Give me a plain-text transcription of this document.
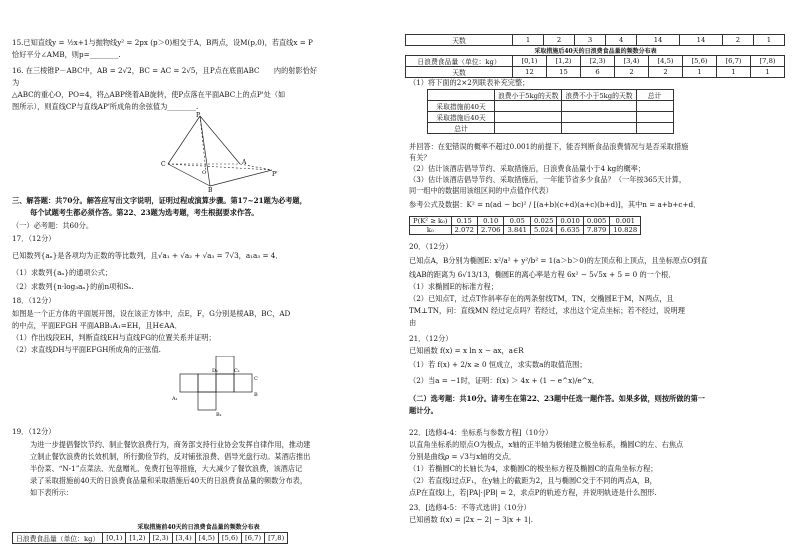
15.已知直线y = ½x+1与抛物线y² = 2px (p＞0)相交于A，B两点，设M(p,0)，若直线x = P
恰好平分∠AMB，则p=________.
16. 在三棱锥P－ABC中，AB = 2√2，BC = AC = 2√5，且P点在底面ABC　　内的射影恰好
为
△ABC的重心O，PO=4，将△ABP绕着AB旋转，使P点落在平面ABC上的点P'处（如
图所示），则直线CP与直线AP'所成角的余弦值为________.
P
C	A
O
B
P'
三、解答题：共70分。解答应写出文字说明，证明过程或演算步骤。第17~21题为必考题，
每个试题考生都必须作答。第22、23题为选考题，考生根据要求作答。
（一）必考题：共60分。
17．（12分）
已知数列{aₙ}是各项均为正数的等比数列，且√a₁ + √a₂ + √a₃ = 7√3，a₁a₃ = 4．
（1）求数列{aₙ}的通项公式；
（2）求数列{n·log₃aₙ}的前n项和Sₙ.
18．（12分）
如图是一个正方体的平面展开图，设在该正方体中，点E，F，G分别是棱AB，BC，AD
的中点，平面EFGH 平面ABB₁A₁=EH，且H∈AA．
（1）作出线段EH，判断直线EH与直线FG的位置关系并证明；
（2）求直线DH与平面EFGH所成角的正弦值.
D₁	C₁
A₁
B₁
C
B
19．（12分）
为进一步提倡餐饮节约、制止餐饮浪费行为，商务部支持行业协会发挥自律作用，推动建
立制止餐饮浪费的长效机制，所行勤俭节约，反对铺张浪费、倡导光盘行动。某酒店推出
半份菜、“N-1”点菜法、光盘赠礼、免费打包等措施，大大减少了餐饮浪费，该酒店记
录了采取措施前40天的日浪费食品量和采取措施后40天的日浪费食品量的频数分布表，
如下表所示：
采取措施前40天的日浪费食品量的频数分布表
日浪费食品量（单位：kg）	[0,1)	[1,2)	[2,3)	[3,4)	[4,5)	[5,6)	[6,7)	[7,8)
天数	1	2	3	4	14	14	2	1
采取措施后40天的日浪费食品量的频数分布表
日浪费食品量（单位：kg）	[0,1)	[1,2)	[2,3)	[3,4)	[4,5)	[5,6)	[6,7)	[7,8)
天数	12	15	6	2	2	1	1	1
（1）将下面的2×2列联表补充完整；
	浪费小于5kg的天数	浪费不小于5kg的天数	总计
采取措施前40天			
采取措施后40天			
总计			
并回答：在犯错误的概率不超过0.001的前提下，能否判断食品浪费情况与是否采取措施
有关？
（2）估计该酒店倡导节约、采取措施后，日浪费食品量小于4 kg的概率；
（3）估计该酒店倡导节约、采取措施后，一年能节省多少食品？（一年按365天计算，
同一组中的数据用该组区间的中点值作代表）
参考公式及数据：K² = n(ad − bc)² / [(a+b)(c+d)(a+c)(b+d)]，其中n = a+b+c+d．
P(K² ≥ k₀)	0.15	0.10	0.05	0.025	0.010	0.005	0.001
k₀	2.072	2.706	3.841	5.024	6.635	7.879	10.828
20．（12分）
已知点A，B分别为椭圆E: x²/a² + y²/b² = 1(a＞b＞0)的左顶点和上顶点，且坐标原点O到直
线AB的距离为 6√13/13，椭圆E的离心率是方程 6x² − 5√5x + 5 = 0 的一个根．
（1）求椭圆E的标准方程；
（2）已知点T，过点T作斜率存在的两条射线TM，TN，交椭圆E于M，N两点，且
TM⊥TN，问：直线MN 经过定点吗？若经过，求出这个定点坐标；若不经过，说明理
由
21．（12分）
已知函数 f(x) = x ln x − ax，a∈R
（1）若 f(x) + 2/x ≥ 0 恒成立，求实数a的取值范围；
（2）当a = −1时，证明：f(x) ＞ 4x + (1 − e^x)/e^x．
（二）选考题：共10分。请考生在第22、23题中任选一题作答。如果多做，则按所做的第一
题计分。
22．[选修4-4：坐标系与参数方程]（10分）
以直角坐标系的原点O为极点，x轴的正半轴为极轴建立极坐标系，椭圆C的左、右焦点
分别是曲线ρ = √3与x轴的交点．
（1）若椭圆C的长轴长为4，求椭圆C的极坐标方程及椭圆C的直角坐标方程；
（2）若直线l过点F₁，在y轴上的截距为2，且与椭圆C交于不同的两点A，B，
点P在直线l上，若|PA|·|PB| = 2，求点P的轨迹方程，并说明轨迹是什么图形.
23．[选修4-5：不等式选讲]（10分）
已知函数 f(x) = |2x − 2| − 3|x + 1|.
